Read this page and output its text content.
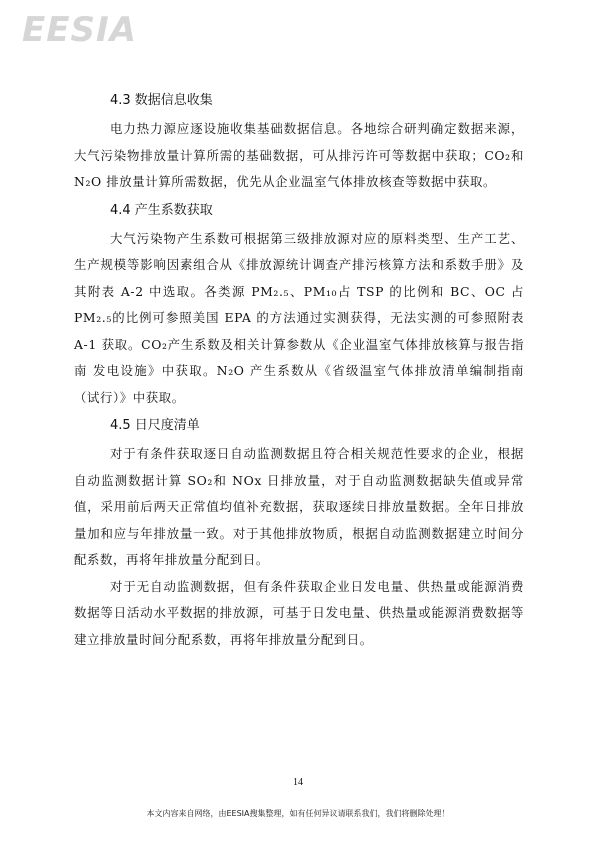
EESIA
4.3 数据信息收集

电力热力源应逐设施收集基础数据信息。各地综合研判确定数据来源，大气污染物排放量计算所需的基础数据，可从排污许可等数据中获取；CO₂和 N₂O 排放量计算所需数据，优先从企业温室气体排放核查等数据中获取。

4.4 产生系数获取

大气污染物产生系数可根据第三级排放源对应的原料类型、生产工艺、生产规模等影响因素组合从《排放源统计调查产排污核算方法和系数手册》及其附表 A-2 中选取。各类源 PM₂.₅、PM₁₀占 TSP 的比例和 BC、OC 占 PM₂.₅的比例可参照美国 EPA 的方法通过实测获得，无法实测的可参照附表 A-1 获取。CO₂产生系数及相关计算参数从《企业温室气体排放核算与报告指南 发电设施》中获取。N₂O 产生系数从《省级温室气体排放清单编制指南（试行）》中获取。

4.5 日尺度清单

对于有条件获取逐日自动监测数据且符合相关规范性要求的企业，根据自动监测数据计算 SO₂和 NOx 日排放量，对于自动监测数据缺失值或异常值，采用前后两天正常值均值补充数据，获取逐续日排放量数据。全年日排放量加和应与年排放量一致。对于其他排放物质，根据自动监测数据建立时间分配系数，再将年排放量分配到日。

对于无自动监测数据，但有条件获取企业日发电量、供热量或能源消费数据等日活动水平数据的排放源，可基于日发电量、供热量或能源消费数据等建立排放量时间分配系数，再将年排放量分配到日。

14
本文内容来自网络，由EESIA搜集整理，如有任何异议请联系我们，我们将删除处理！
